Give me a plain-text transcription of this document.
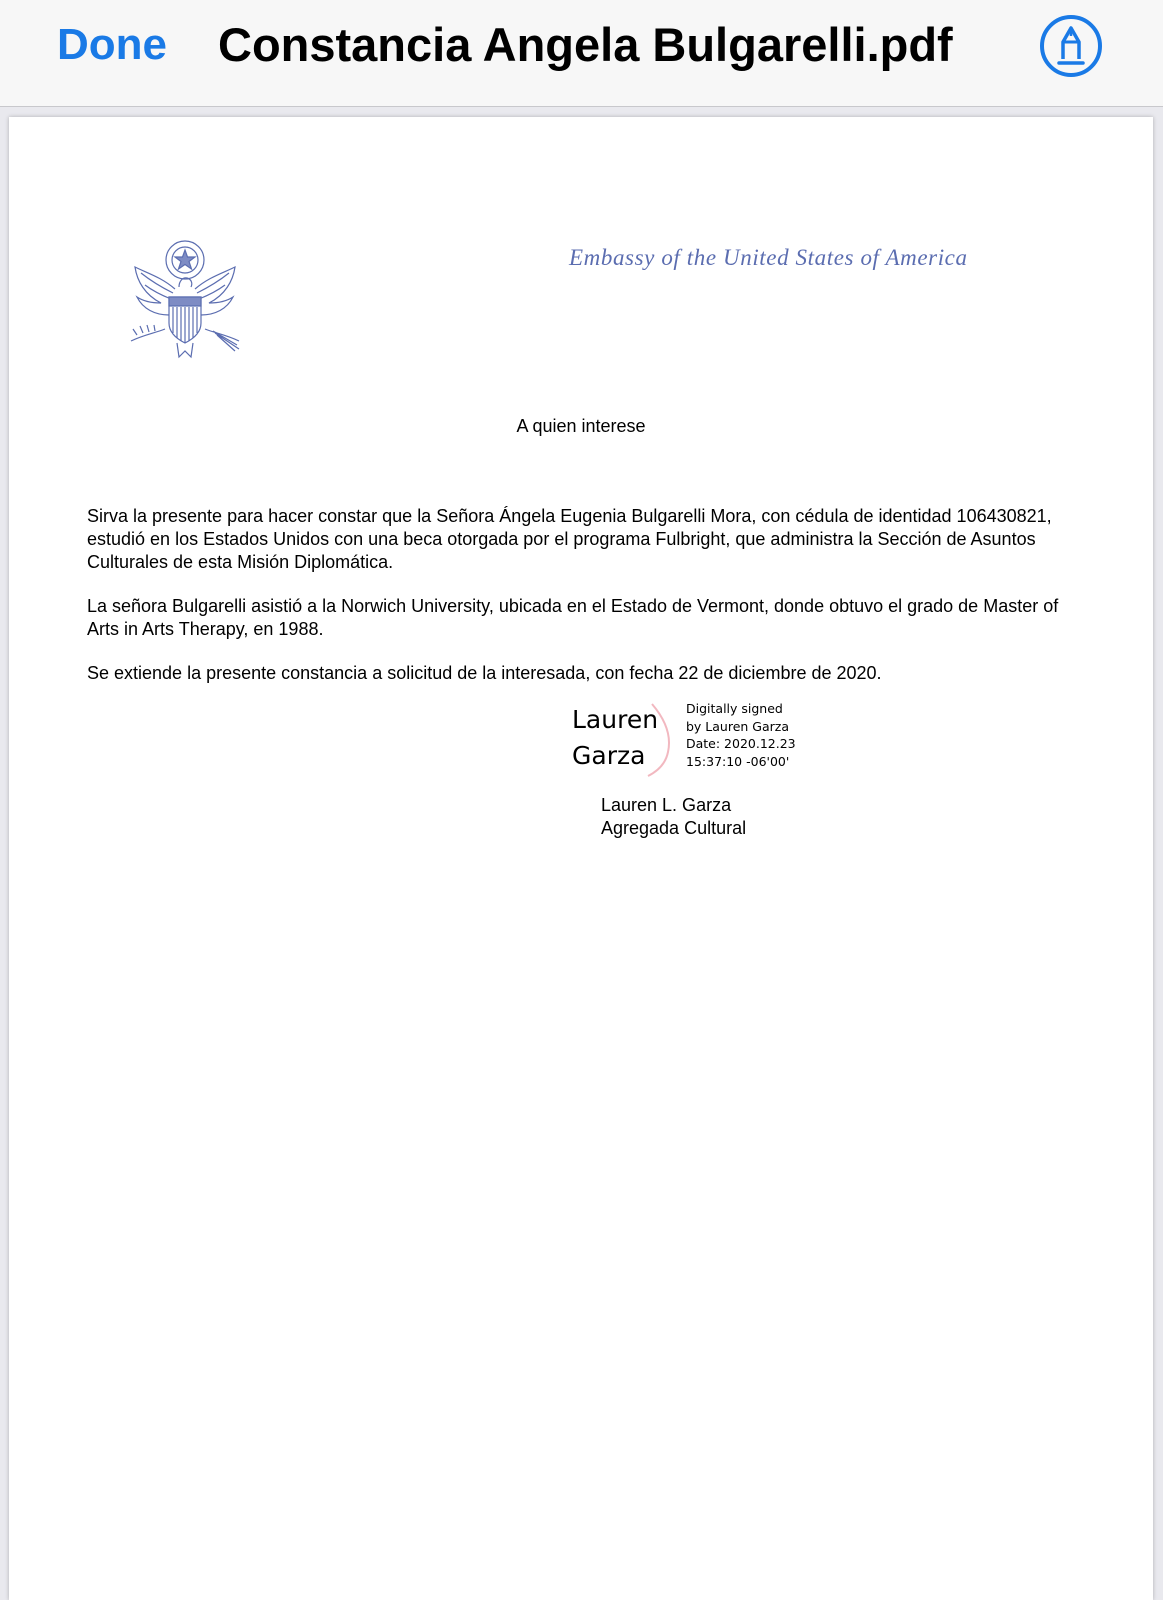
Done Constancia Angela Bulgarelli.pdf
Embassy of the United States of America
A quien interese
Sirva la presente para hacer constar que la Señora Ángela Eugenia Bulgarelli Mora, con cédula de identidad 106430821, estudió en los Estados Unidos con una beca otorgada por el programa Fulbright, que administra la Sección de Asuntos Culturales de esta Misión Diplomática.
La señora Bulgarelli asistió a la Norwich University, ubicada en el Estado de Vermont, donde obtuvo el grado de Master of Arts in Arts Therapy, en 1988.
Se extiende la presente constancia a solicitud de la interesada, con fecha 22 de diciembre de 2020.
Lauren
Garza
Digitally signed
by Lauren Garza
Date: 2020.12.23
15:37:10 -06'00'
Lauren L. Garza
Agregada Cultural
